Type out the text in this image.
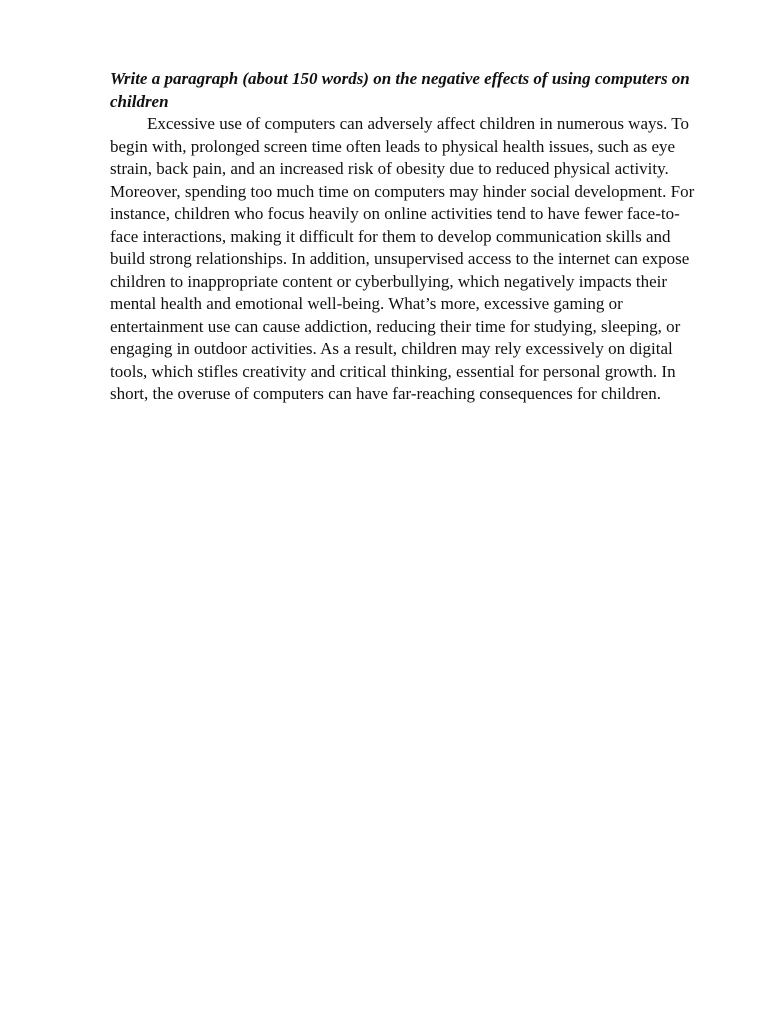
Write a paragraph (about 150 words) on the negative effects of using computers on children

Excessive use of computers can adversely affect children in numerous ways. To begin with, prolonged screen time often leads to physical health issues, such as eye strain, back pain, and an increased risk of obesity due to reduced physical activity. Moreover, spending too much time on computers may hinder social development. For instance, children who focus heavily on online activities tend to have fewer face-to-face interactions, making it difficult for them to develop communication skills and build strong relationships. In addition, unsupervised access to the internet can expose children to inappropriate content or cyberbullying, which negatively impacts their mental health and emotional well-being. What’s more, excessive gaming or entertainment use can cause addiction, reducing their time for studying, sleeping, or engaging in outdoor activities. As a result, children may rely excessively on digital tools, which stifles creativity and critical thinking, essential for personal growth. In short, the overuse of computers can have far-reaching consequences for children.
